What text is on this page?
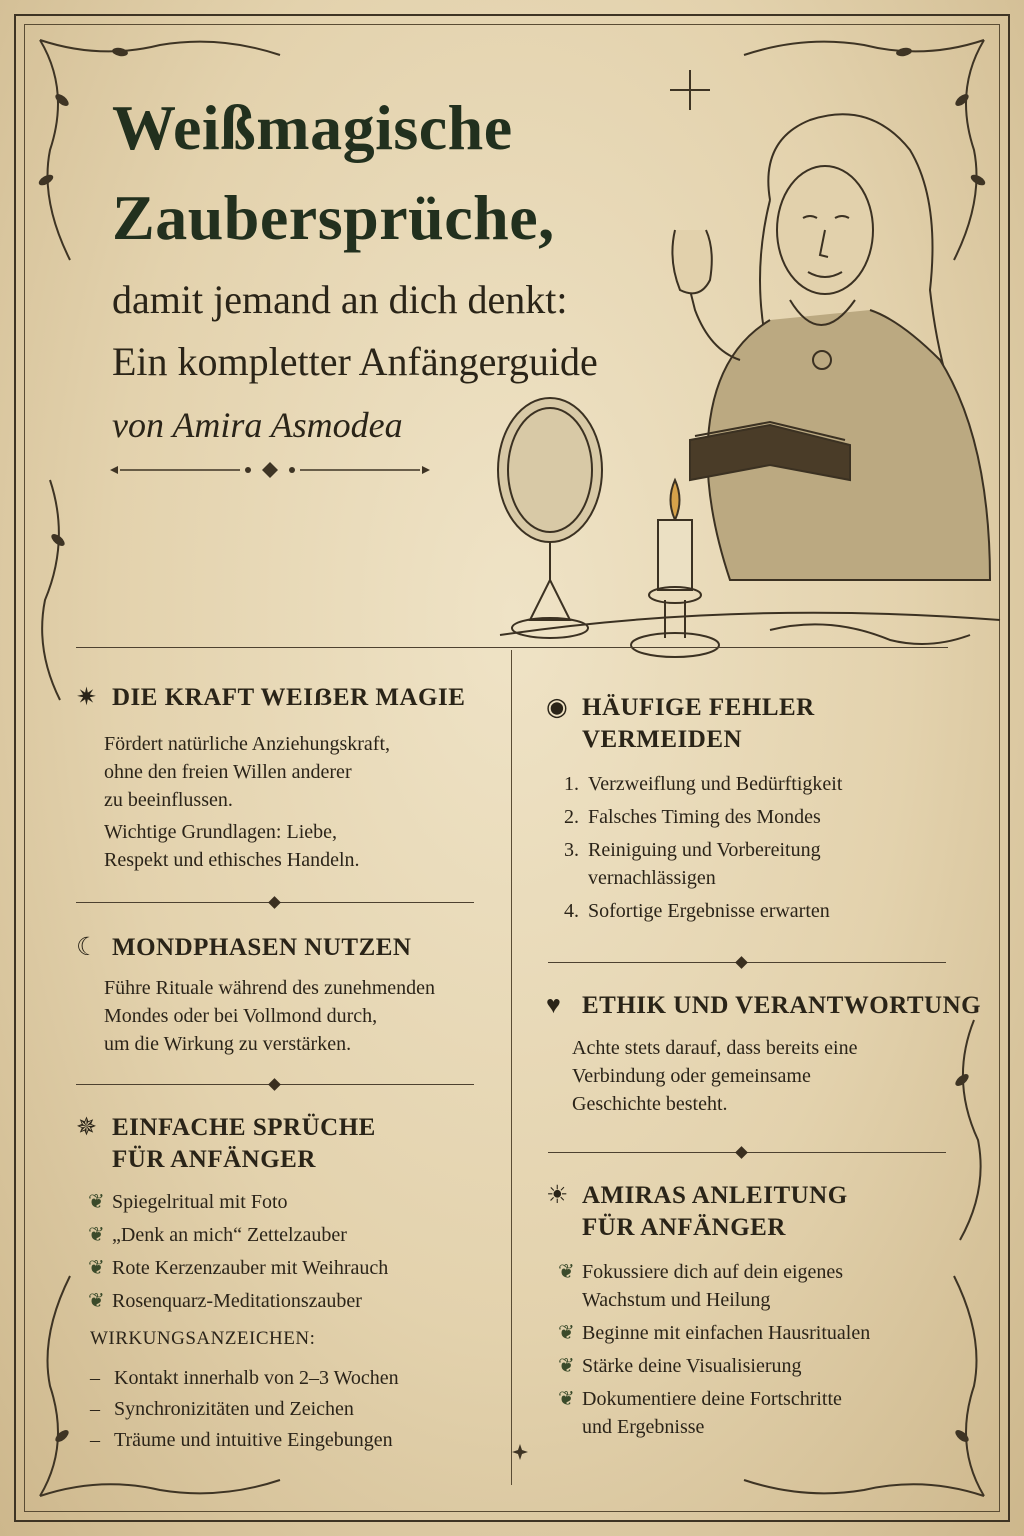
Weißmagische
Zaubersprüche,
damit jemand an dich denkt:
Ein kompletter Anfängerguide
von Amira Asmodea
✷ DIE KRAFT WEIẞER MAGIE

Fördert natürliche Anziehungskraft,
ohne den freien Willen anderer
zu beeinflussen.

Wichtige Grundlagen: Liebe,
Respekt und ethisches Handeln.

☾ MONDPHASEN NUTZEN

Führe Rituale während des zunehmenden
Mondes oder bei Vollmond durch,
um die Wirkung zu verstärken.

✵ EINFACHE SPRÜCHE
FÜR ANFÄNGER
❦ Spiegelritual mit Foto
❦ „Denk an mich“ Zettelzauber
❦ Rote Kerzenzauber mit Weihrauch
❦ Rosenquarz-Meditationszauber
WIRKUNGSANZEICHEN:
– Kontakt innerhalb von 2–3 Wochen
– Synchronizitäten und Zeichen
– Träume und intuitive Eingebungen
◉ HÄUFIGE FEHLER
VERMEIDEN
1. Verzweiflung und Bedürftigkeit
2. Falsches Timing des Mondes
3. Reiniguing und Vorbereitung
vernachlässigen
4. Sofortige Ergebnisse erwarten
♥ ETHIK UND VERANTWORTUNG

Achte stets darauf, dass bereits eine
Verbindung oder gemeinsame
Geschichte besteht.

☀ AMIRAS ANLEITUNG
FÜR ANFÄNGER
❦ Fokussiere dich auf dein eigenes
Wachstum und Heilung
❦ Beginne mit einfachen Hausritualen
❦ Stärke deine Visualisierung
❦ Dokumentiere deine Fortschritte
und Ergebnisse
